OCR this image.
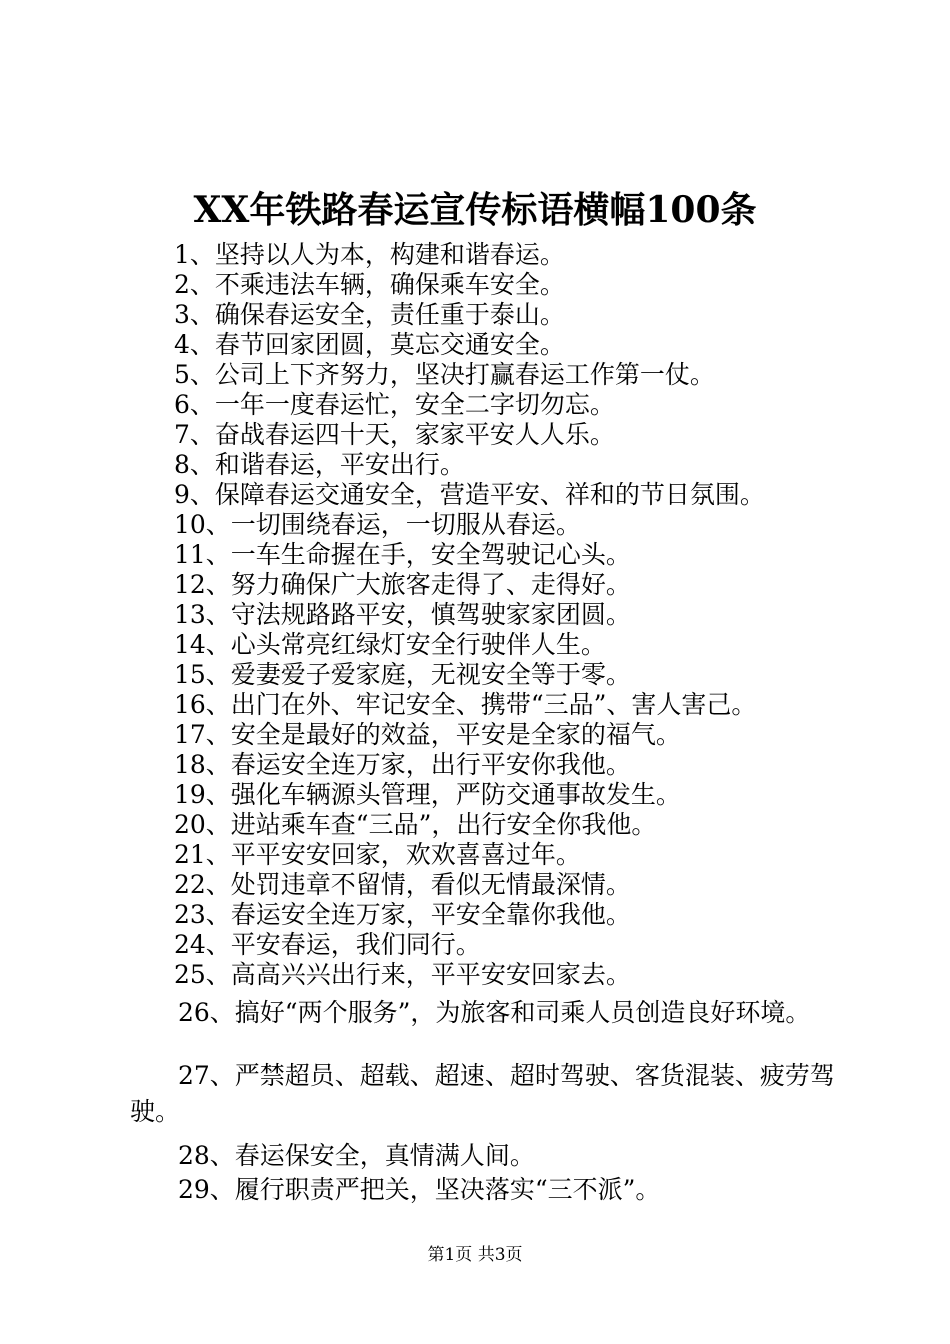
XX年铁路春运宣传标语横幅100条
1、坚持以人为本，构建和谐春运。
2、不乘违法车辆，确保乘车安全。
3、确保春运安全，责任重于泰山。
4、春节回家团圆，莫忘交通安全。
5、公司上下齐努力，坚决打赢春运工作第一仗。
6、一年一度春运忙，安全二字切勿忘。
7、奋战春运四十天，家家平安人人乐。
8、和谐春运，平安出行。
9、保障春运交通安全，营造平安、祥和的节日氛围。
10、一切围绕春运，一切服从春运。
11、一车生命握在手，安全驾驶记心头。
12、努力确保广大旅客走得了、走得好。
13、守法规路路平安，慎驾驶家家团圆。
14、心头常亮红绿灯安全行驶伴人生。
15、爱妻爱子爱家庭，无视安全等于零。
16、出门在外、牢记安全、携带“三品”、害人害己。
17、安全是最好的效益，平安是全家的福气。
18、春运安全连万家，出行平安你我他。
19、强化车辆源头管理，严防交通事故发生。
20、进站乘车查“三品”，出行安全你我他。
21、平平安安回家，欢欢喜喜过年。
22、处罚违章不留情，看似无情最深情。
23、春运安全连万家，平安全靠你我他。
24、平安春运，我们同行。
25、高高兴兴出行来，平平安安回家去。
26、搞好“两个服务”，为旅客和司乘人员创造良好环境。
27、严禁超员、超载、超速、超时驾驶、客货混装、疲劳驾驶。
28、春运保安全，真情满人间。
29、履行职责严把关，坚决落实“三不派”。
第1页 共3页
